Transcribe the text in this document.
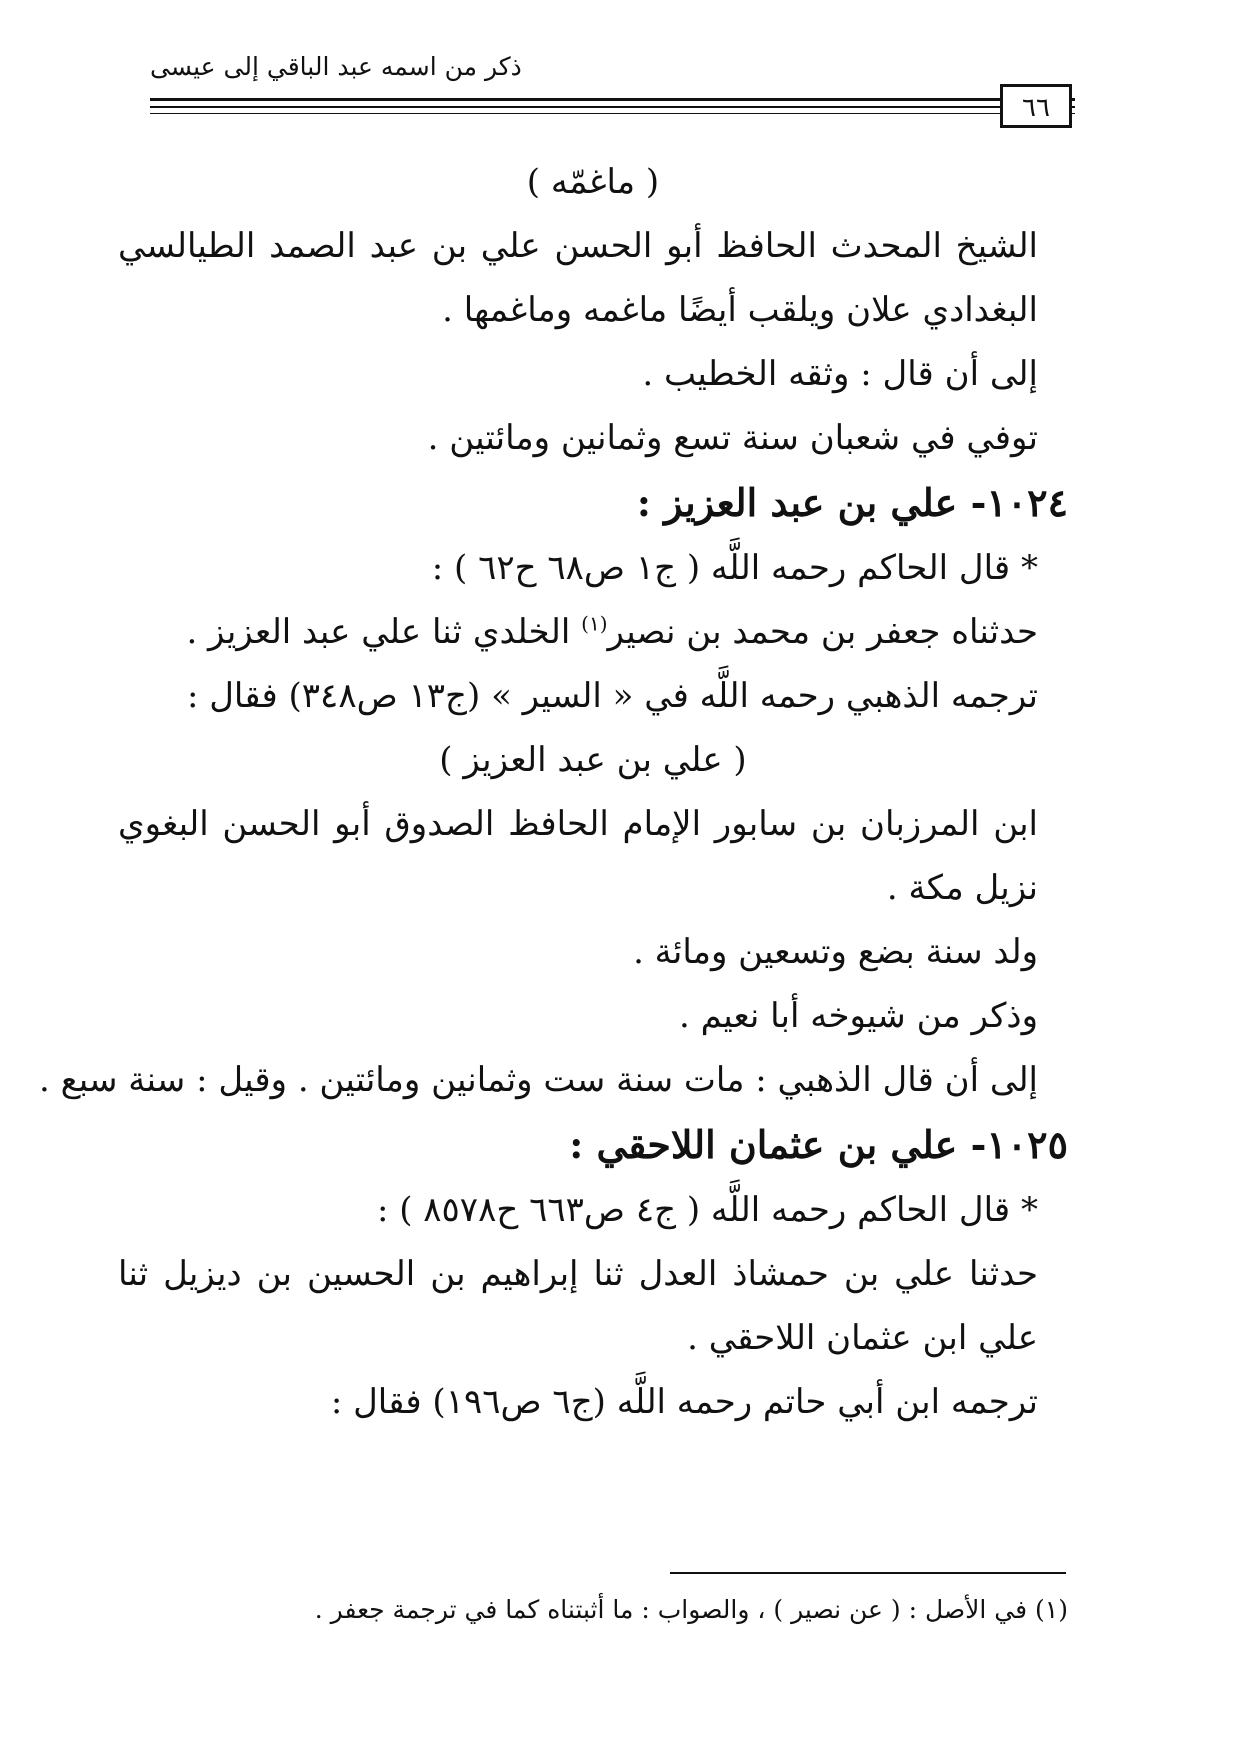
ذكر من اسمه عبد الباقي إلى عيسى
٦٦
( ماغمّه )
الشيخ المحدث الحافظ أبو الحسن علي بن عبد الصمد الطيالسي البغدادي علان ويلقب أيضًا ماغمه وماغمها .
إلى أن قال : وثقه الخطيب .
توفي في شعبان سنة تسع وثمانين ومائتين .
١٠٢٤- علي بن عبد العزيز :
* قال الحاكم رحمه اللَّه ( ج١ ص٦٨ ح٦٢ ) :
حدثناه جعفر بن محمد بن نصير$^{(١)}$ الخلدي ثنا علي عبد العزيز .
ترجمه الذهبي رحمه اللَّه في « السير » (ج١٣ ص٣٤٨) فقال :
( علي بن عبد العزيز )
ابن المرزبان بن سابور الإمام الحافظ الصدوق أبو الحسن البغوي نزيل مكة .
ولد سنة بضع وتسعين ومائة .
وذكر من شيوخه أبا نعيم .
إلى أن قال الذهبي : مات سنة ست وثمانين ومائتين . وقيل : سنة سبع .
١٠٢٥- علي بن عثمان اللاحقي :
* قال الحاكم رحمه اللَّه ( ج٤ ص٦٦٣ ح٨٥٧٨ ) :
حدثنا علي بن حمشاذ العدل ثنا إبراهيم بن الحسين بن ديزيل ثنا علي ابن عثمان اللاحقي .
ترجمه ابن أبي حاتم رحمه اللَّه (ج٦ ص١٩٦) فقال :
(١) في الأصل : ( عن نصير ) ، والصواب : ما أثبتناه كما في ترجمة جعفر .
